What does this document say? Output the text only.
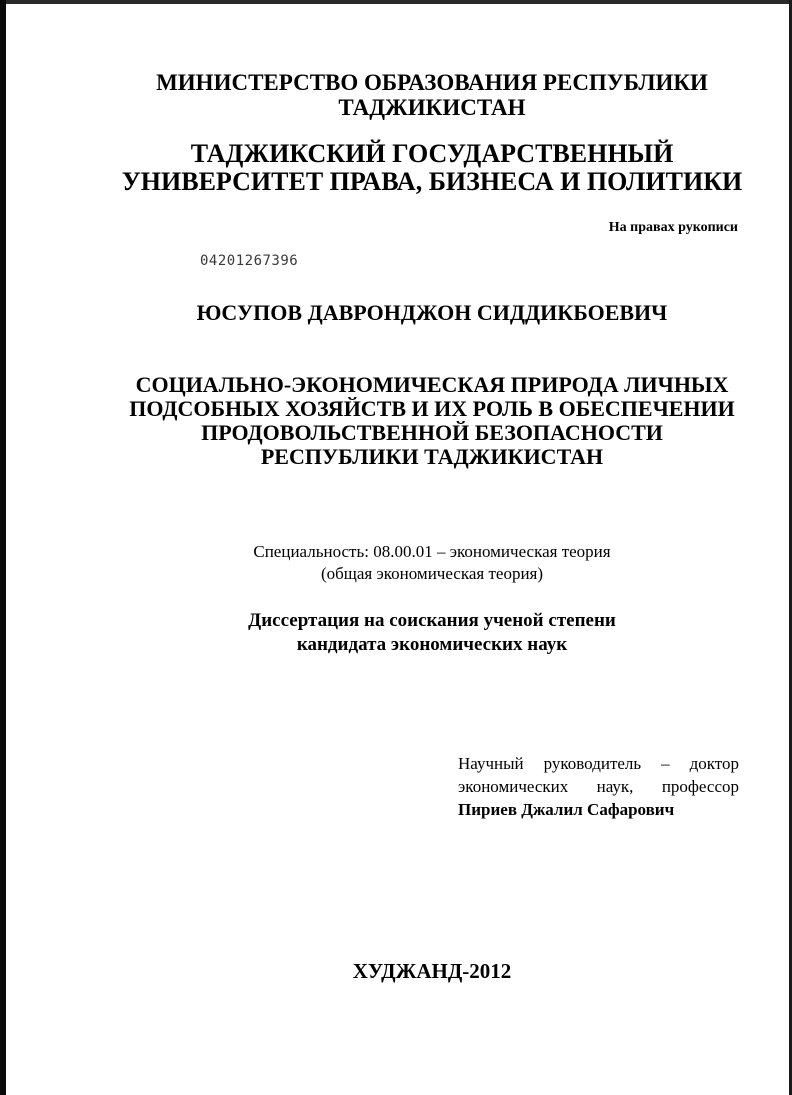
МИНИСТЕРСТВО ОБРАЗОВАНИЯ РЕСПУБЛИКИ
ТАДЖИКИСТАН
ТАДЖИКСКИЙ ГОСУДАРСТВЕННЫЙ
УНИВЕРСИТЕТ ПРАВА, БИЗНЕСА И ПОЛИТИКИ
На правах рукописи
04201267396
ЮСУПОВ ДАВРОНДЖОН СИДДИКБОЕВИЧ
СОЦИАЛЬНО-ЭКОНОМИЧЕСКАЯ ПРИРОДА ЛИЧНЫХ
ПОДСОБНЫХ ХОЗЯЙСТВ И ИХ РОЛЬ В ОБЕСПЕЧЕНИИ
ПРОДОВОЛЬСТВЕННОЙ БЕЗОПАСНОСТИ
РЕСПУБЛИКИ ТАДЖИКИСТАН
Специальность: 08.00.01 – экономическая теория
(общая экономическая теория)
Диссертация на соискания ученой степени
кандидата экономических наук
Научный руководитель – доктор
экономических наук, профессор
Пириев Джалил Сафарович
ХУДЖАНД-2012
